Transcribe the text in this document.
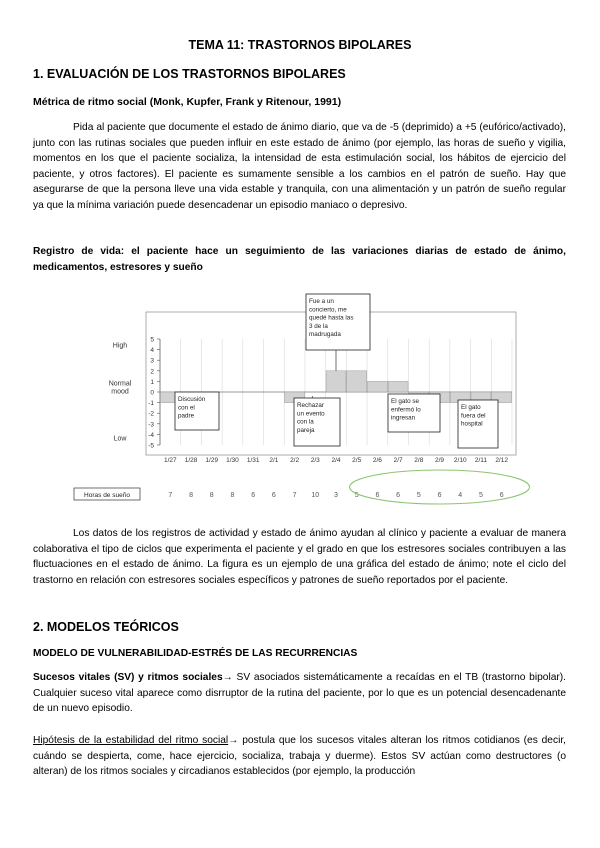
TEMA 11: TRASTORNOS BIPOLARES
1. EVALUACIÓN DE LOS TRASTORNOS BIPOLARES
Métrica de ritmo social (Monk, Kupfer, Frank y Ritenour, 1991)

Pida al paciente que documente el estado de ánimo diario, que va de -5 (deprimido) a +5 (eufórico/activado), junto con las rutinas sociales que pueden influir en este estado de ánimo (por ejemplo, las horas de sueño y vigilia, momentos en los que el paciente socializa, la intensidad de esta estimulación social, los hábitos de ejercicio del paciente, y otros factores). El paciente es sumamente sensible a los cambios en el patrón de sueño. Hay que asegurarse de que la persona lleve una vida estable y tranquila, con una alimentación y un patrón de sueño regular ya que la mínima variación puede desencadenar un episodio maniaco o depresivo.

Registro de vida: el paciente hace un seguimiento de las variaciones diarias de estado de ánimo, medicamentos, estresores y sueño

High
Normal
mood
Low
5
4
3
2
1
0
-1
-2
-3
-4
-5
1/27 1/28 1/29 1/30 1/31 2/1 2/2 2/3 2/4 2/5 2/6 2/7 2/8 2/9 2/10 2/11 2/12
Horas de sueño	7 8 8 8 6 6 7 10 3 5 6 6 5 6 4 5 6
Discusión con el padre
Rechazar un evento con la pareja
Fue a un concierto, me quedé hasta las 3 de la madrugada
El gato se enfermó lo ingresan
El gato fuera del hospital

Los datos de los registros de actividad y estado de ánimo ayudan al clínico y paciente a evaluar de manera colaborativa el tipo de ciclos que experimenta el paciente y el grado en que los estresores sociales contribuyen a las fluctuaciones en el estado de ánimo. La figura es un ejemplo de una gráfica del estado de ánimo; note el ciclo del trastorno en relación con estresores sociales específicos y patrones de sueño reportados por el paciente.

2. MODELOS TEÓRICOS
MODELO DE VULNERABILIDAD-ESTRÉS DE LAS RECURRENCIAS

Sucesos vitales (SV) y ritmos sociales→ SV asociados sistemáticamente a recaídas en el TB (trastorno bipolar). Cualquier suceso vital aparece como disrruptor de la rutina del paciente, por lo que es un potencial desencadenante de un nuevo episodio.

Hipótesis de la estabilidad del ritmo social→ postula que los sucesos vitales alteran los ritmos cotidianos (es decir, cuándo se despierta, come, hace ejercicio, socializa, trabaja y duerme). Estos SV actúan como destructores (o alteran) de los ritmos sociales y circadianos establecidos (por ejemplo, la producción
